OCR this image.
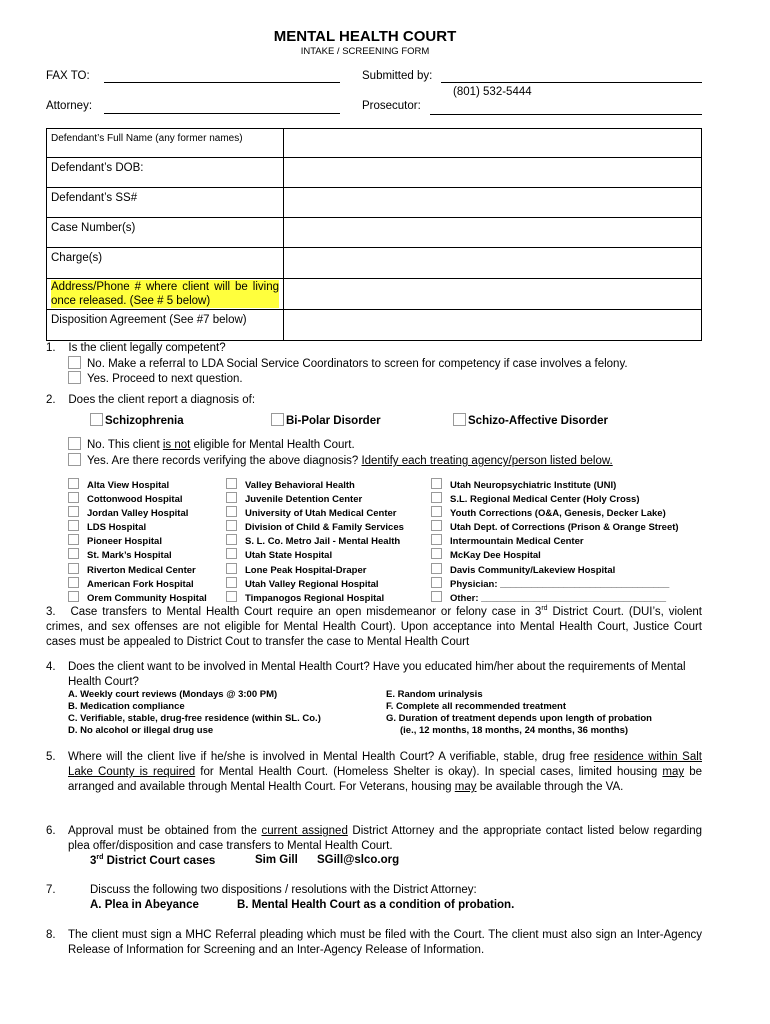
MENTAL HEALTH COURT
INTAKE / SCREENING FORM
FAX TO:	Submitted by:
(801) 532-5444
Attorney:	Prosecutor:
Defendant’s Full Name (any former names)	
Defendant’s DOB:	
Defendant’s SS#	
Case Number(s)	
Charge(s)	

Address/Phone # where client will be living once released. (See # 5 below)	

Disposition Agreement (See #7 below)	
1. Is the client legally competent?
No. Make a referral to LDA Social Service Coordinators to screen for competency if case involves a felony.
Yes. Proceed to next question.
2. Does the client report a diagnosis of:
Schizophrenia	Bi-Polar Disorder	Schizo-Affective Disorder
No. This client is not eligible for Mental Health Court.
Yes. Are there records verifying the above diagnosis? Identify each treating agency/person listed below.
Alta View Hospital
Cottonwood Hospital
Jordan Valley Hospital
LDS Hospital
Pioneer Hospital
St. Mark’s Hospital
Riverton Medical Center
American Fork Hospital
Orem Community Hospital
Valley Behavioral Health
Juvenile Detention Center
University of Utah Medical Center
Division of Child & Family Services
S. L. Co. Metro Jail - Mental Health
Utah State Hospital
Lone Peak Hospital-Draper
Utah Valley Regional Hospital
Timpanogos Regional Hospital
Utah Neuropsychiatric Institute (UNI)
S.L. Regional Medical Center (Holy Cross)
Youth Corrections (O&A, Genesis, Decker Lake)
Utah Dept. of Corrections (Prison & Orange Street)
Intermountain Medical Center
McKay Dee Hospital
Davis Community/Lakeview Hospital
Physician: ________________________________
Other: ___________________________________
3. Case transfers to Mental Health Court require an open misdemeanor or felony case in 3rd District Court. (DUI’s, violent crimes, and sex offenses are not eligible for Mental Health Court). Upon acceptance into Mental Health Court, Justice Court cases must be appealed to District Cout to transfer the case to Mental Health Court
4.	Does the client want to be involved in Mental Health Court? Have you educated him/her about the requirements of Mental Health Court?
A. Weekly court reviews (Mondays @ 3:00 PM)
B. Medication compliance
C. Verifiable, stable, drug-free residence (within SL. Co.)
D. No alcohol or illegal drug use
E. Random urinalysis
F. Complete all recommended treatment
G. Duration of treatment depends upon length of probation
(ie., 12 months, 18 months, 24 months, 36 months)
5.	Where will the client live if he/she is involved in Mental Health Court? A verifiable, stable, drug free residence within Salt Lake County is required for Mental Health Court. (Homeless Shelter is okay). In special cases, limited housing may be arranged and available through Mental Health Court. For Veterans, housing may be available through the VA.
6.	Approval must be obtained from the current assigned District Attorney and the appropriate contact listed below regarding plea offer/disposition and case transfers to Mental Health Court.
3rd District Court cases	Sim Gill SGill@slco.org
7.	Discuss the following two dispositions / resolutions with the District Attorney:
A. Plea in Abeyance	B. Mental Health Court as a condition of probation.
8.	The client must sign a MHC Referral pleading which must be filed with the Court. The client must also sign an Inter-Agency Release of Information for Screening and an Inter-Agency Release of Information.
